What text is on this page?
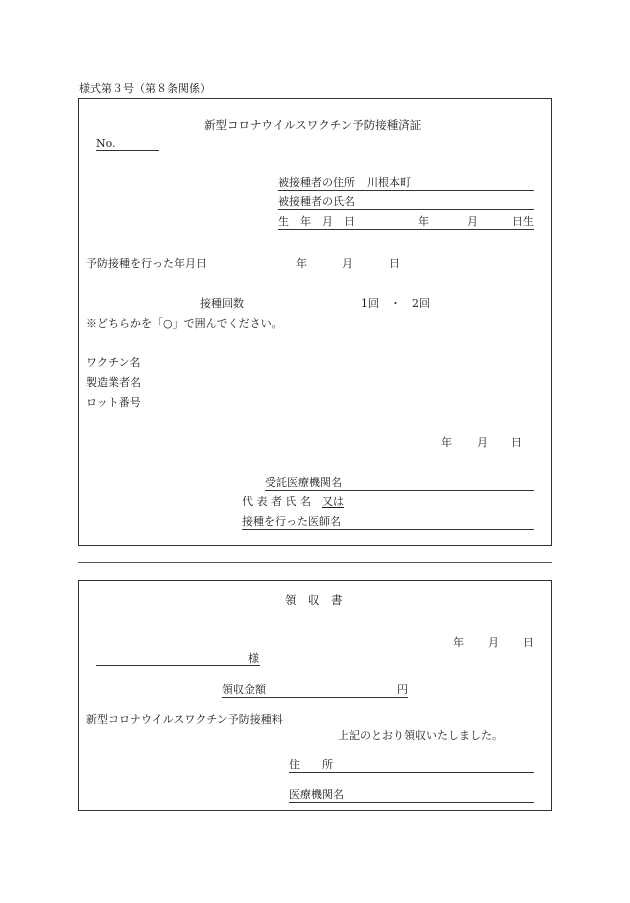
様式第３号（第８条関係）
新型コロナウイルスワクチン予防接種済証
No.
被接種者の住所 川根本町
被接種者の氏名
生　年　月　日	年	月	日生
予防接種を行った年月日	年	月	日
接種回数	1回　・　2回
※どちらかを「○」で囲んでください。
ワクチン名
製造業者名
ロット番号
年 月 日
受託医療機関名
代 表 者 氏 名 又は
接種を行った医師名
領　収　書
年 月 日
様
領収金額	円
新型コロナウイルスワクチン予防接種料
上記のとおり領収いたしました。
住　　所
医療機関名
